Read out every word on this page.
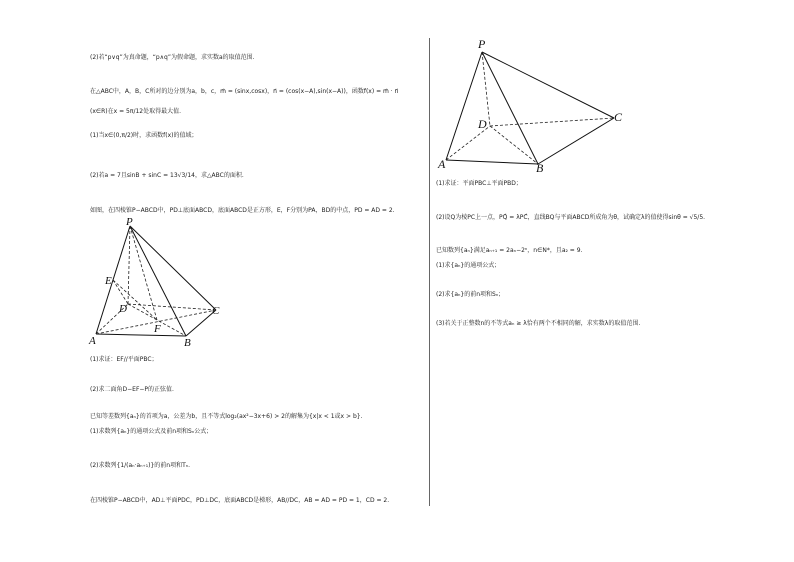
(2)若“p∨q”为真命题，“p∧q”为假命题，求实数a的取值范围.
在△ABC中，A，B，C所对的边分别为a，b，c，m⃗ = (sinx,cosx)，n⃗ = (cos(x−A),sin(x−A))，函数f(x) = m⃗ · n⃗
(x∈R)在x = 5π/12处取得最大值.
(1)当x∈(0,π/2)时，求函数f(x)的值域；
(2)若a = 7且sinB + sinC = 13√3/14，求△ABC的面积.
如图，在四棱锥P−ABCD中，PD⊥底面ABCD，底面ABCD是正方形，E，F分别为PA，BD的中点，PD = AD = 2.
P
E
D
F
C
A	B
(1)求证：EF//平面PBC；
(2)求二面角D−EF−P的正弦值.
已知等差数列{aₙ}的首项为a，公差为b，且不等式log₂(ax²−3x+6) > 2的解集为{x|x < 1或x > b}.
(1)求数列{aₙ}的通项公式及前n项和Sₙ公式；
(2)求数列{1/(aₙ·aₙ₊₁)}的前n项和Tₙ.
在四棱锥P−ABCD中，AD⊥平面PDC，PD⊥DC，底面ABCD是梯形，AB//DC，AB = AD = PD = 1，CD = 2.
P
D	C
A	B
(1)求证：平面PBC⊥平面PBD；
(2)设Q为棱PC上一点，PQ⃗ = λPC⃗，直线BQ与平面ABCD所成角为θ，试确定λ的值使得sinθ = √5/5.
已知数列{aₙ}满足aₙ₊₁ = 2aₙ−2ⁿ，n∈N*，且a₂ = 9.
(1)求{aₙ}的通项公式；
(2)求{aₙ}的前n项和Sₙ；
(3)若关于正整数n的不等式aₙ ≥ λ恰有两个不相同的解，求实数λ的取值范围.
